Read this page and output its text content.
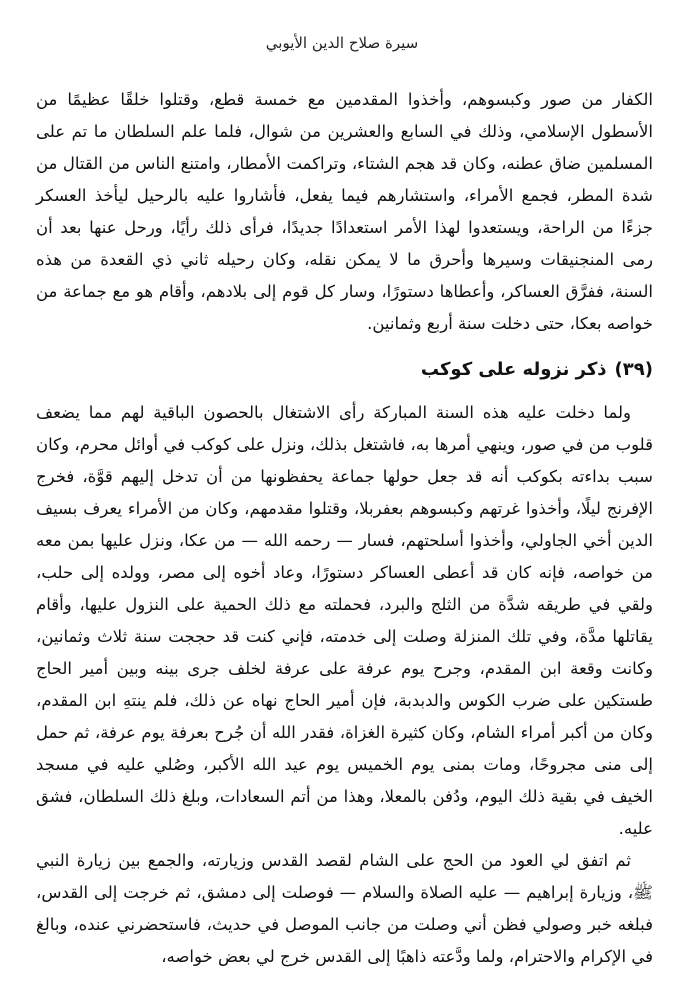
سيرة صلاح الدين الأيوبي

الكفار من صور وكبسوهم، وأخذوا المقدمين مع خمسة قطع، وقتلوا خلقًا عظيمًا من الأسطول الإسلامي، وذلك في السابع والعشرين من شوال، فلما علم السلطان ما تم على المسلمين ضاق عطنه، وكان قد هجم الشتاء، وتراكمت الأمطار، وامتنع الناس من القتال من شدة المطر، فجمع الأمراء، واستشارهم فيما يفعل، فأشاروا عليه بالرحيل ليأخذ العسكر جزءًا من الراحة، ويستعدوا لهذا الأمر استعدادًا جديدًا، فرأى ذلك رأيًا، ورحل عنها بعد أن رمى المنجنيقات وسيرها وأحرق ما لا يمكن نقله، وكان رحيله ثاني ذي القعدة من هذه السنة، ففرَّق العساكر، وأعطاها دستورًا، وسار كل قوم إلى بلادهم، وأقام هو مع جماعة من خواصه بعكا، حتى دخلت سنة أربع وثمانين.

(٣٩)ذكر نزوله على كوكب

ولما دخلت عليه هذه السنة المباركة رأى الاشتغال بالحصون الباقية لهم مما يضعف قلوب من في صور، وينهي أمرها به، فاشتغل بذلك، ونزل على كوكب في أوائل محرم، وكان سبب بداءته بكوكب أنه قد جعل حولها جماعة يحفظونها من أن تدخل إليهم قوَّة، فخرج الإفرنج ليلًا، وأخذوا غرتهم وكبسوهم بعفربلا، وقتلوا مقدمهم، وكان من الأمراء يعرف بسيف الدين أخي الجاولي، وأخذوا أسلحتهم، فسار — رحمه الله — من عكا، ونزل عليها بمن معه من خواصه، فإنه كان قد أعطى العساكر دستورًا، وعاد أخوه إلى مصر، وولده إلى حلب، ولقي في طريقه شدَّة من الثلج والبرد، فحملته مع ذلك الحمية على النزول عليها، وأقام يقاتلها مدَّة، وفي تلك المنزلة وصلت إلى خدمته، فإني كنت قد حججت سنة ثلاث وثمانين، وكانت وقعة ابن المقدم، وجرح يوم عرفة على عرفة لخلف جرى بينه وبين أمير الحاج طستكين على ضرب الكوس والدبدبة، فإن أمير الحاج نهاه عن ذلك، فلم ينتهِ ابن المقدم، وكان من أكبر أمراء الشام، وكان كثيرة الغزاة، فقدر الله أن جُرح بعرفة يوم عرفة، ثم حمل إلى منى مجروحًا، ومات بمنى يوم الخميس يوم عيد الله الأكبر، وصُلي عليه في مسجد الخيف في بقية ذلك اليوم، ودُفن بالمعلا، وهذا من أتم السعادات، وبلغ ذلك السلطان، فشق عليه.

ثم اتفق لي العود من الحج على الشام لقصد القدس وزيارته، والجمع بين زيارة النبي ﷺ، وزيارة إبراهيم — عليه الصلاة والسلام — فوصلت إلى دمشق، ثم خرجت إلى القدس، فبلغه خبر وصولي فظن أني وصلت من جانب الموصل في حديث، فاستحضرني عنده، وبالغ في الإكرام والاحترام، ولما ودَّعته ذاهبًا إلى القدس خرج لي بعض خواصه،
